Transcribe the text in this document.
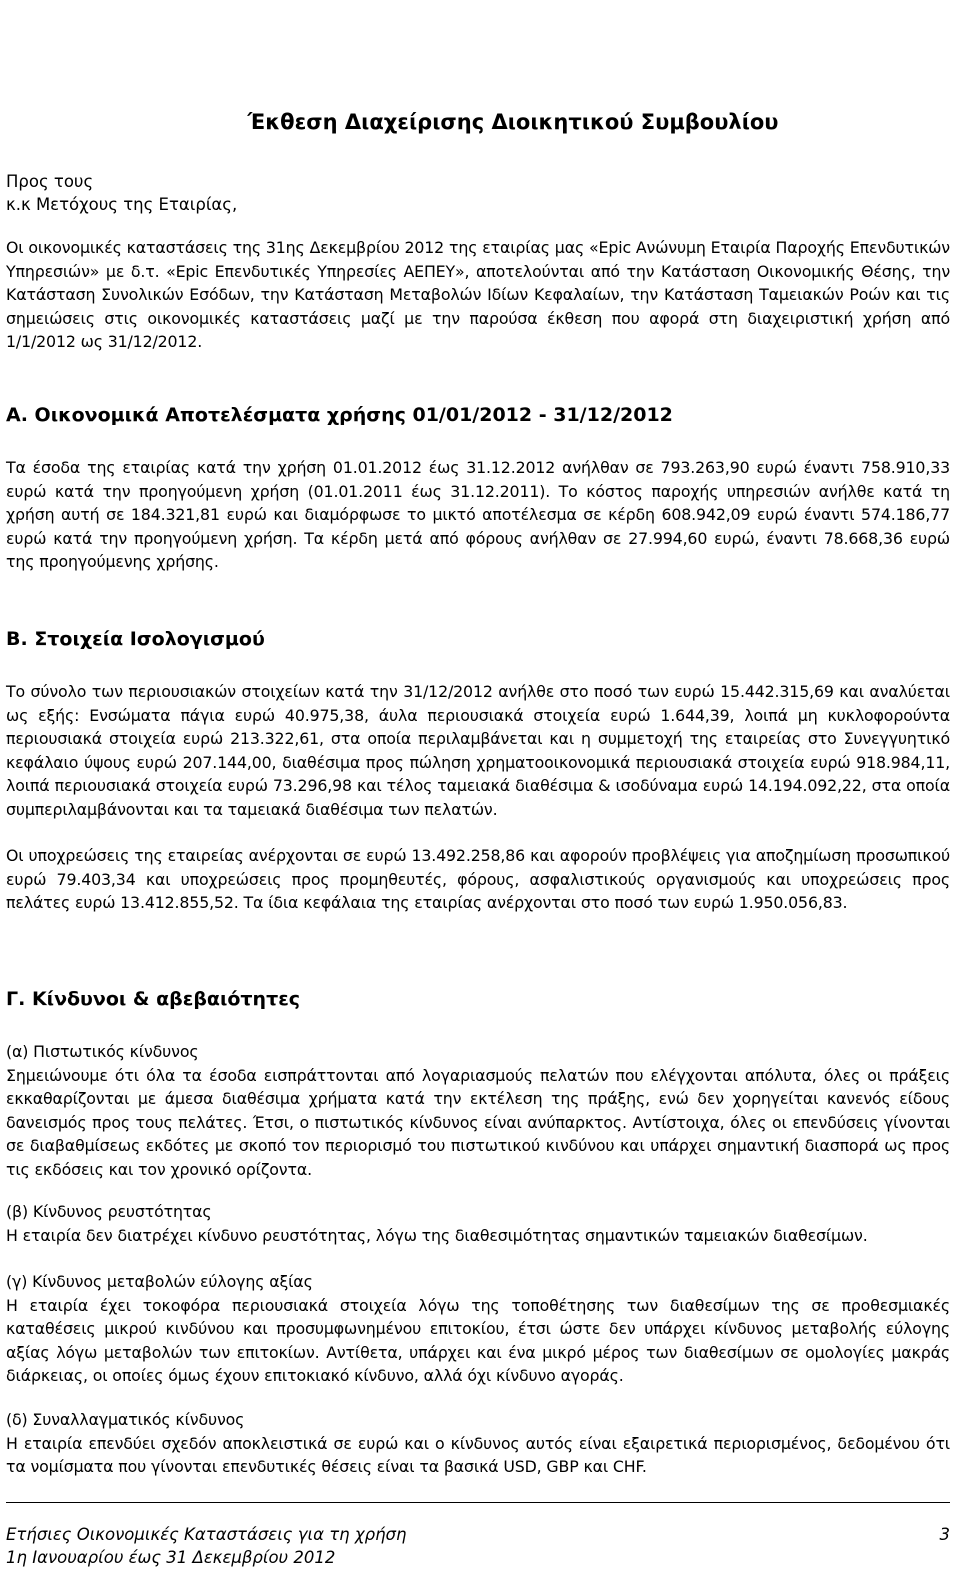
Έκθεση Διαχείρισης Διοικητικού Συμβουλίου
Προς τους
κ.κ Μετόχους της Εταιρίας,
Οι οικονομικές καταστάσεις της 31ης Δεκεμβρίου 2012 της εταιρίας μας «Epic Ανώνυμη Εταιρία Παροχής Επενδυτικών Υπηρεσιών» με δ.τ. «Epic Επενδυτικές Υπηρεσίες ΑΕΠΕΥ», αποτελούνται από την Κατάσταση Οικονομικής Θέσης, την Κατάσταση Συνολικών Εσόδων, την Κατάσταση Μεταβολών Ιδίων Κεφαλαίων, την Κατάσταση Ταμειακών Ροών και τις σημειώσεις στις οικονομικές καταστάσεις μαζί με την παρούσα έκθεση που αφορά στη διαχειριστική χρήση από 1/1/2012 ως 31/12/2012.
Α. Οικονομικά Αποτελέσματα χρήσης 01/01/2012 - 31/12/2012
Τα έσοδα της εταιρίας κατά την χρήση 01.01.2012 έως 31.12.2012 ανήλθαν σε 793.263,90 ευρώ έναντι 758.910,33 ευρώ κατά την προηγούμενη χρήση (01.01.2011 έως 31.12.2011). Το κόστος παροχής υπηρεσιών ανήλθε κατά τη χρήση αυτή σε 184.321,81 ευρώ και διαμόρφωσε το μικτό αποτέλεσμα σε κέρδη 608.942,09 ευρώ έναντι 574.186,77 ευρώ κατά την προηγούμενη χρήση. Τα κέρδη μετά από φόρους ανήλθαν σε 27.994,60 ευρώ, έναντι 78.668,36 ευρώ της προηγούμενης χρήσης.
Β. Στοιχεία Ισολογισμού
Το σύνολο των περιουσιακών στοιχείων κατά την 31/12/2012 ανήλθε στο ποσό των ευρώ 15.442.315,69 και αναλύεται ως εξής: Ενσώματα πάγια ευρώ 40.975,38, άυλα περιουσιακά στοιχεία ευρώ 1.644,39, λοιπά μη κυκλοφορούντα περιουσιακά στοιχεία ευρώ 213.322,61, στα οποία περιλαμβάνεται και η συμμετοχή της εταιρείας στο Συνεγγυητικό κεφάλαιο ύψους ευρώ 207.144,00, διαθέσιμα προς πώληση χρηματοοικονομικά περιουσιακά στοιχεία ευρώ 918.984,11, λοιπά περιουσιακά στοιχεία ευρώ 73.296,98 και τέλος ταμειακά διαθέσιμα & ισοδύναμα ευρώ 14.194.092,22, στα οποία συμπεριλαμβάνονται και τα ταμειακά διαθέσιμα των πελατών.
Οι υποχρεώσεις της εταιρείας ανέρχονται σε ευρώ 13.492.258,86 και αφορούν προβλέψεις για αποζημίωση προσωπικού ευρώ 79.403,34 και υποχρεώσεις προς προμηθευτές, φόρους, ασφαλιστικούς οργανισμούς και υποχρεώσεις προς πελάτες ευρώ 13.412.855,52. Τα ίδια κεφάλαια της εταιρίας ανέρχονται στο ποσό των ευρώ 1.950.056,83.
Γ. Κίνδυνοι & αβεβαιότητες
(α) Πιστωτικός κίνδυνος
Σημειώνουμε ότι όλα τα έσοδα εισπράττονται από λογαριασμούς πελατών που ελέγχονται απόλυτα, όλες οι πράξεις εκκαθαρίζονται με άμεσα διαθέσιμα χρήματα κατά την εκτέλεση της πράξης, ενώ δεν χορηγείται κανενός είδους δανεισμός προς τους πελάτες. Έτσι, ο πιστωτικός κίνδυνος είναι ανύπαρκτος. Αντίστοιχα, όλες οι επενδύσεις γίνονται σε διαβαθμίσεως εκδότες με σκοπό τον περιορισμό του πιστωτικού κινδύνου και υπάρχει σημαντική διασπορά ως προς τις εκδόσεις και τον χρονικό ορίζοντα.
(β) Κίνδυνος ρευστότητας
Η εταιρία δεν διατρέχει κίνδυνο ρευστότητας, λόγω της διαθεσιμότητας σημαντικών ταμειακών διαθεσίμων.
(γ) Κίνδυνος μεταβολών εύλογης αξίας
Η εταιρία έχει τοκοφόρα περιουσιακά στοιχεία λόγω της τοποθέτησης των διαθεσίμων της σε προθεσμιακές καταθέσεις μικρού κινδύνου και προσυμφωνημένου επιτοκίου, έτσι ώστε δεν υπάρχει κίνδυνος μεταβολής εύλογης αξίας λόγω μεταβολών των επιτοκίων. Αντίθετα, υπάρχει και ένα μικρό μέρος των διαθεσίμων σε ομολογίες μακράς διάρκειας, οι οποίες όμως έχουν επιτοκιακό κίνδυνο, αλλά όχι κίνδυνο αγοράς.
(δ) Συναλλαγματικός κίνδυνος
Η εταιρία επενδύει σχεδόν αποκλειστικά σε ευρώ και ο κίνδυνος αυτός είναι εξαιρετικά περιορισμένος, δεδομένου ότι τα νομίσματα που γίνονται επενδυτικές θέσεις είναι τα βασικά USD, GBP και CHF.
Ετήσιες Οικονομικές Καταστάσεις για τη χρήση
1η Ιανουαρίου έως 31 Δεκεμβρίου 2012
3
